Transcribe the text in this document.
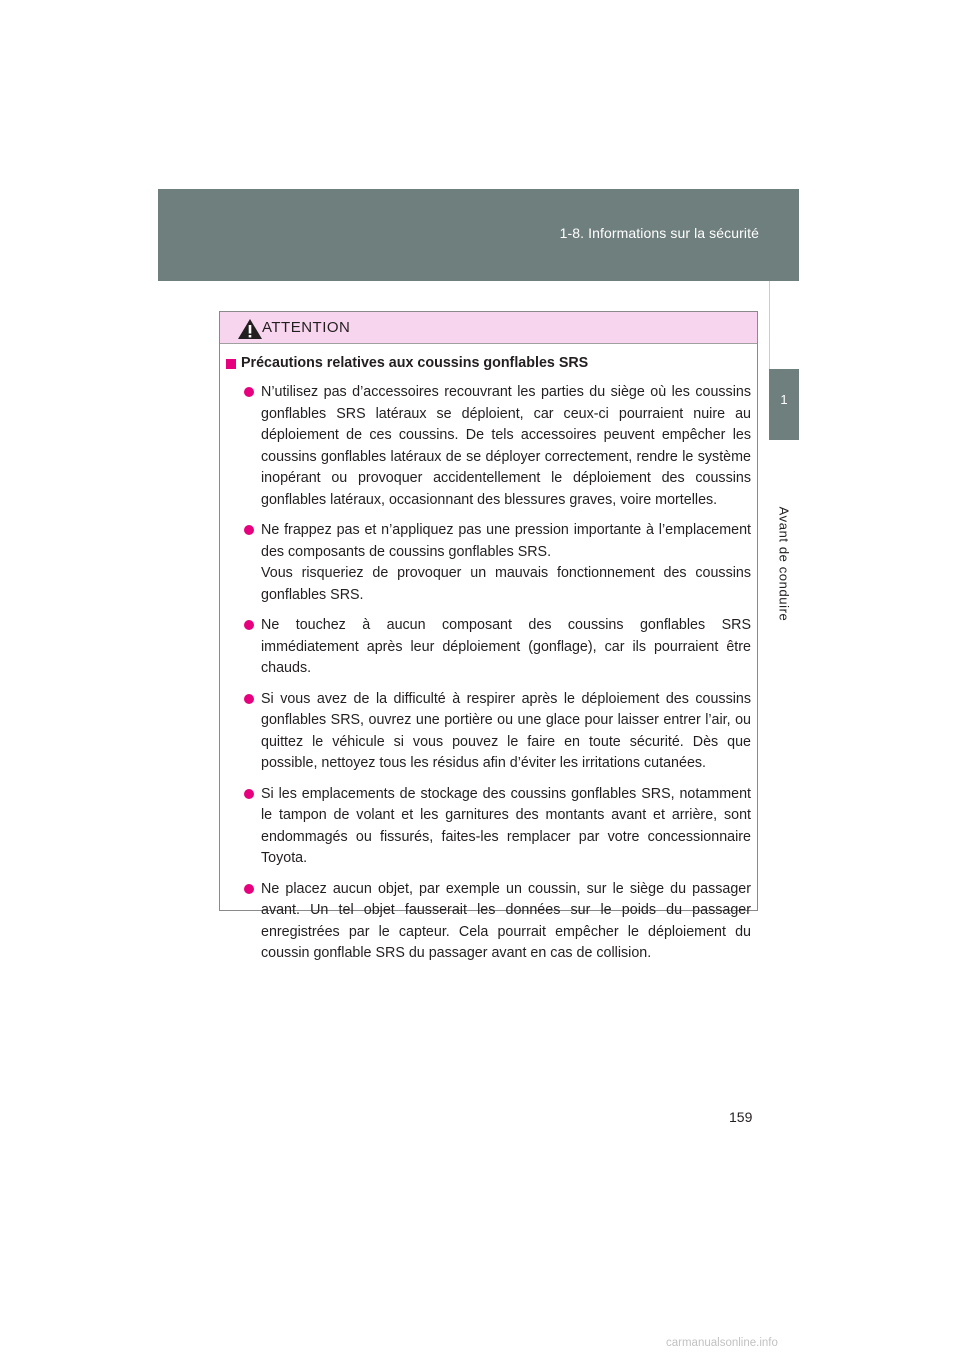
1-8. Informations sur la sécurité
1
Avant de conduire
ATTENTION
Précautions relatives aux coussins gonflables SRS
N’utilisez pas d’accessoires recouvrant les parties du siège où les coussins gonflables SRS latéraux se déploient, car ceux-ci pourraient nuire au déploiement de ces coussins. De tels accessoires peuvent empêcher les coussins gonflables latéraux de se déployer correctement, rendre le système inopérant ou provoquer accidentellement le déploiement des coussins gonflables latéraux, occasionnant des blessures graves, voire mortelles.
Ne frappez pas et n’appliquez pas une pression importante à l’emplacement des composants de coussins gonflables SRS.
Vous risqueriez de provoquer un mauvais fonctionnement des coussins gonflables SRS.
Ne touchez à aucun composant des coussins gonflables SRS immédiatement après leur déploiement (gonflage), car ils pourraient être chauds.
Si vous avez de la difficulté à respirer après le déploiement des coussins gonflables SRS, ouvrez une portière ou une glace pour laisser entrer l’air, ou quittez le véhicule si vous pouvez le faire en toute sécurité. Dès que possible, nettoyez tous les résidus afin d’éviter les irritations cutanées.
Si les emplacements de stockage des coussins gonflables SRS, notamment le tampon de volant et les garnitures des montants avant et arrière, sont endommagés ou fissurés, faites-les remplacer par votre concessionnaire Toyota.
Ne placez aucun objet, par exemple un coussin, sur le siège du passager avant. Un tel objet fausserait les données sur le poids du passager enregistrées par le capteur. Cela pourrait empêcher le déploiement du coussin gonflable SRS du passager avant en cas de collision.
159
carmanualsonline.info
